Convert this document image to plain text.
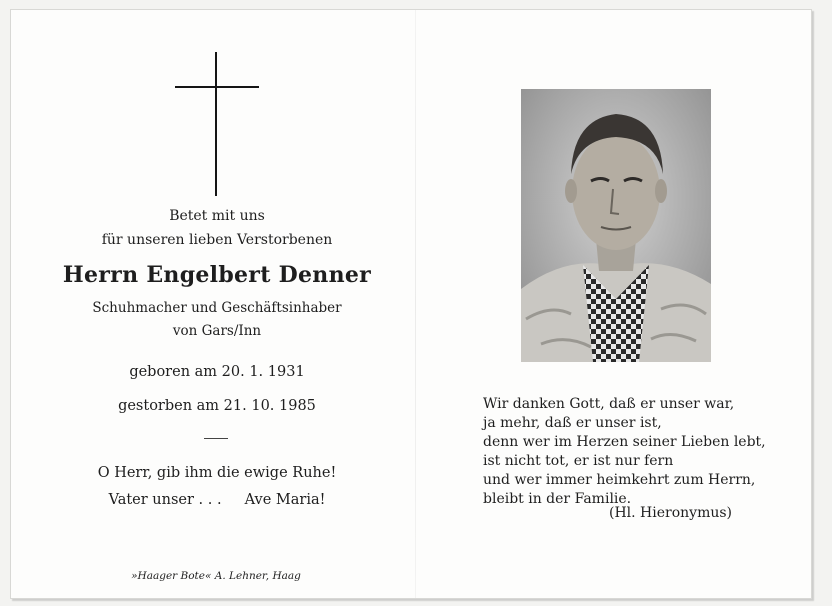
Betet mit uns
für unseren lieben Verstorbenen
Herrn Engelbert Denner
Schuhmacher und Geschäftsinhaber
von Gars/Inn
geboren am 20. 1. 1931
gestorben am 21. 10. 1985
O Herr, gib ihm die ewige Ruhe!
Vater unser . . .     Ave Maria!
»Haager Bote« A. Lehner, Haag
Wir danken Gott, daß er unser war,
ja mehr, daß er unser ist,
denn wer im Herzen seiner Lieben lebt,
ist nicht tot, er ist nur fern
und wer immer heimkehrt zum Herrn,
bleibt in der Familie.
(Hl. Hieronymus)
